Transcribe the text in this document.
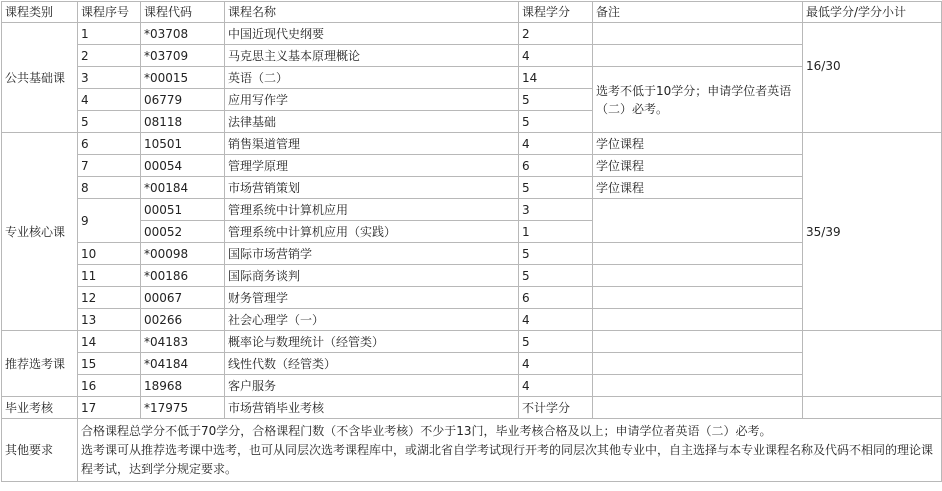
课程类别	课程序号	课程代码	课程名称	课程学分	备注	最低学分/学分小计
公共基础课	1	*03708	中国近现代史纲要	2		16/30
	2	*03709	马克思主义基本原理概论	4		
	3	*00015	英语（二）	14	选考不低于10学分；申请学位者英语（二）必考。	
	4	06779	应用写作学	5		
	5	08118	法律基础	5		
专业核心课	6	10501	销售渠道管理	4	学位课程	35/39
	7	00054	管理学原理	6	学位课程	
	8	*00184	市场营销策划	5	学位课程	
	9	00051	管理系统中计算机应用	3		
		00052	管理系统中计算机应用（实践）	1		
	10	*00098	国际市场营销学	5		
	11	*00186	国际商务谈判	5		
	12	00067	财务管理学	6		
	13	00266	社会心理学（一）	4		
推荐选考课	14	*04183	概率论与数理统计（经管类）	5		
	15	*04184	线性代数（经管类）	4		
	16	18968	客户服务	4		
毕业考核	17	*17975	市场营销毕业考核	不计学分		
其他要求	合格课程总学分不低于70学分，合格课程门数（不含毕业考核）不少于13门，毕业考核合格及以上；申请学位者英语（二）必考。
选考课可从推荐选考课中选考，也可从同层次选考课程库中，或湖北省自学考试现行开考的同层次其他专业中，自主选择与本专业课程名称及代码不相同的理论课程考试，达到学分规定要求。					
